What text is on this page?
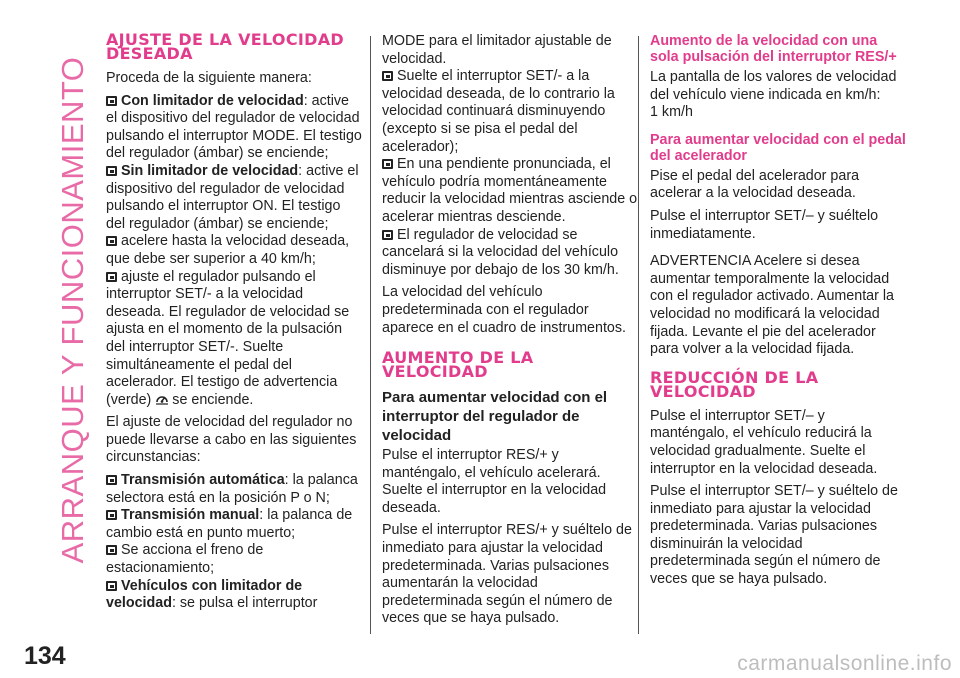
ARRANQUE Y FUNCIONAMIENTO
AJUSTE DE LA VELOCIDAD DESEADA

Proceda de la siguiente manera:

Con limitador de velocidad: active el dispositivo del regulador de velocidad pulsando el interruptor MODE. El testigo del regulador (ámbar) se enciende;

Sin limitador de velocidad: active el dispositivo del regulador de velocidad pulsando el interruptor ON. El testigo del regulador (ámbar) se enciende;

acelere hasta la velocidad deseada, que debe ser superior a 40 km/h;

ajuste el regulador pulsando el interruptor SET/- a la velocidad deseada. El regulador de velocidad se ajusta en el momento de la pulsación del interruptor SET/-. Suelte simultáneamente el pedal del acelerador. El testigo de advertencia (verde) se enciende.

El ajuste de velocidad del regulador no puede llevarse a cabo en las siguientes circunstancias:

Transmisión automática: la palanca selectora está en la posición P o N;

Transmisión manual: la palanca de cambio está en punto muerto;

Se acciona el freno de estacionamiento;

Vehículos con limitador de velocidad: se pulsa el interruptor

MODE para el limitador ajustable de velocidad.

Suelte el interruptor SET/- a la velocidad deseada, de lo contrario la velocidad continuará disminuyendo (excepto si se pisa el pedal del acelerador);

En una pendiente pronunciada, el vehículo podría momentáneamente reducir la velocidad mientras asciende o acelerar mientras desciende.

El regulador de velocidad se cancelará si la velocidad del vehículo disminuye por debajo de los 30 km/h.

La velocidad del vehículo predeterminada con el regulador aparece en el cuadro de instrumentos.

AUMENTO DE LA VELOCIDAD
Para aumentar velocidad con el interruptor del regulador de velocidad

Pulse el interruptor RES/+ y manténgalo, el vehículo acelerará. Suelte el interruptor en la velocidad deseada.

Pulse el interruptor RES/+ y suéltelo de inmediato para ajustar la velocidad predeterminada. Varias pulsaciones aumentarán la velocidad predeterminada según el número de veces que se haya pulsado.

Aumento de la velocidad con una sola pulsación del interruptor RES/+

La pantalla de los valores de velocidad del vehículo viene indicada en km/h:

1 km/h

Para aumentar velocidad con el pedal del acelerador

Pise el pedal del acelerador para acelerar a la velocidad deseada.

Pulse el interruptor SET/– y suéltelo inmediatamente.

ADVERTENCIA Acelere si desea aumentar temporalmente la velocidad con el regulador activado. Aumentar la velocidad no modificará la velocidad fijada. Levante el pie del acelerador para volver a la velocidad fijada.

REDUCCIÓN DE LA VELOCIDAD

Pulse el interruptor SET/– y manténgalo, el vehículo reducirá la velocidad gradualmente. Suelte el interruptor en la velocidad deseada.

Pulse el interruptor SET/– y suéltelo de inmediato para ajustar la velocidad predeterminada. Varias pulsaciones disminuirán la velocidad predeterminada según el número de veces que se haya pulsado.

134	carmanualsonline.info
